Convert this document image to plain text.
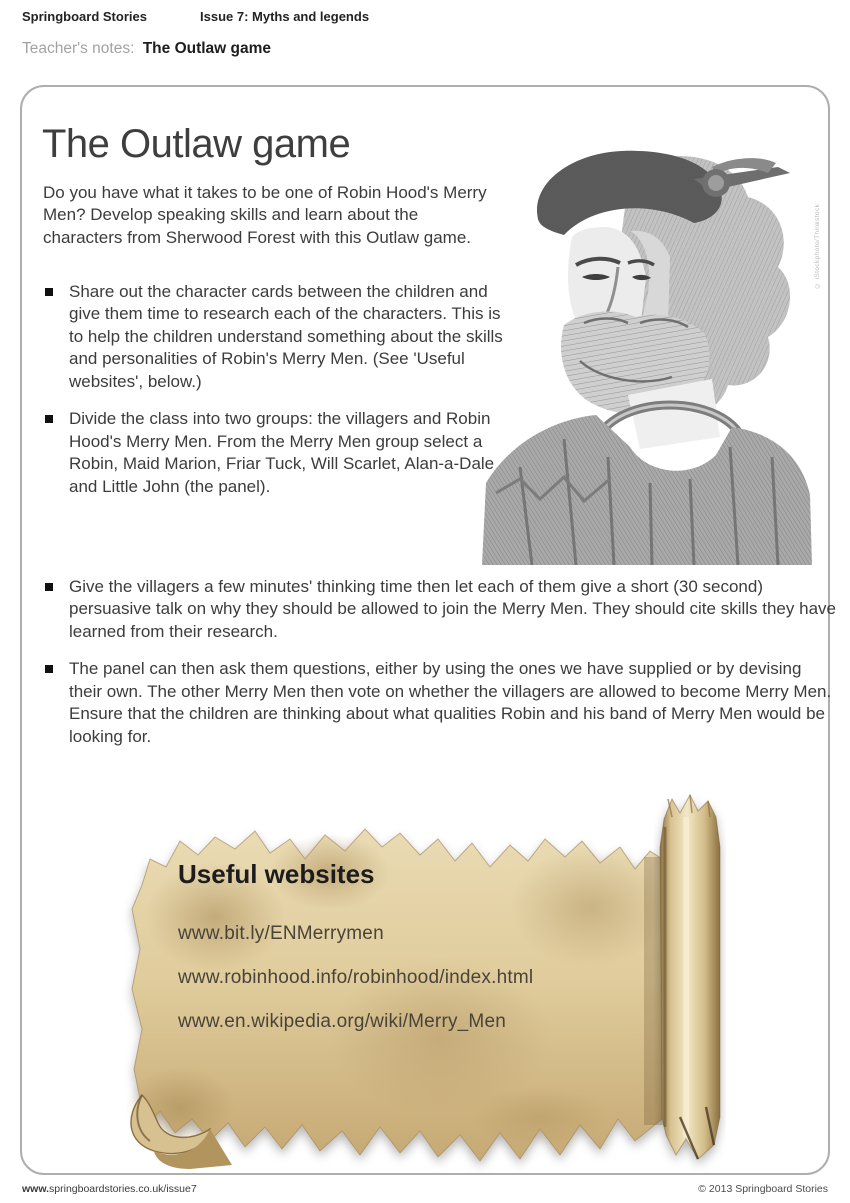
Springboard Stories	Issue 7: Myths and legends
Teacher's notes: The Outlaw game
The Outlaw game

Do you have what it takes to be one of Robin Hood's Merry Men? Develop speaking skills and learn about the characters from Sherwood Forest with this Outlaw game.	© iStockphoto/Thinkstock
Share out the character cards between the children and give them time to research each of the characters. This is to help the children understand something about the skills and personalities of Robin's Merry Men. (See 'Useful websites', below.)
Divide the class into two groups: the villagers and Robin Hood's Merry Men. From the Merry Men group select a Robin, Maid Marion, Friar Tuck, Will Scarlet, Alan-a-Dale and Little John (the panel).
Give the villagers a few minutes' thinking time then let each of them give a short (30 second) persuasive talk on why they should be allowed to join the Merry Men. They should cite skills they have learned from their research.
The panel can then ask them questions, either by using the ones we have supplied or by devising their own. The other Merry Men then vote on whether the villagers are allowed to become Merry Men. Ensure that the children are thinking about what qualities Robin and his band of Merry Men would be looking for.
Useful websites
www.bit.ly/ENMerrymen
www.robinhood.info/robinhood/index.html
www.en.wikipedia.org/wiki/Merry_Men
www.springboardstories.co.uk/issue7	© 2013 Springboard Stories
